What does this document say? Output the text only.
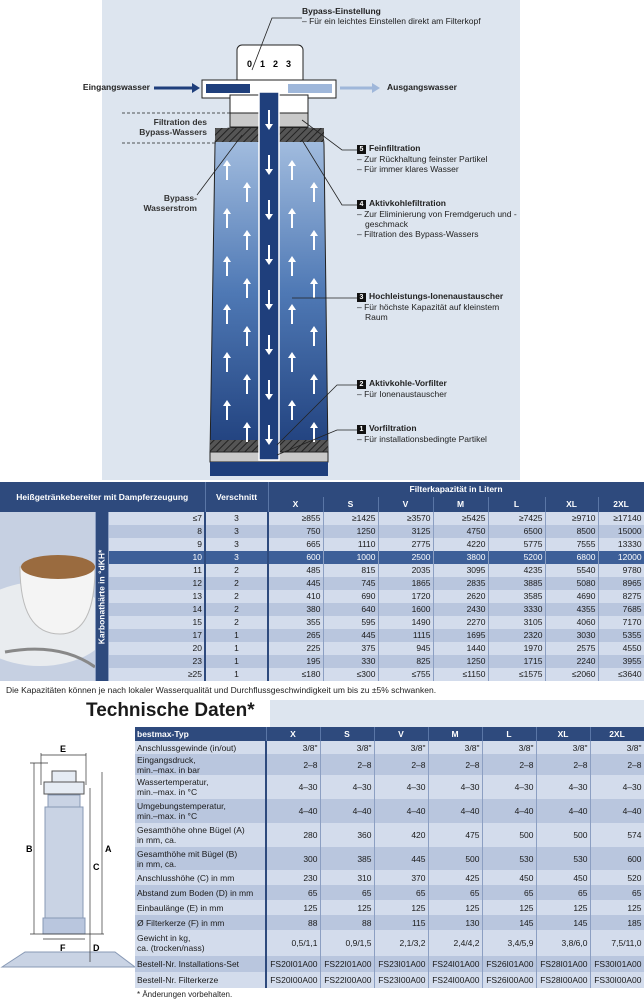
0 1 2 3
Bypass-Einstellung
– Für ein leichtes Einstellen direkt am Filterkopf
Eingangswasser	Ausgangswasser
Filtration des Bypass-Wassers
Bypass-Wasserstrom
5 Feinfiltration
– Zur Rückhaltung feinster Partikel
– Für immer klares Wasser
4 Aktivkohlefiltration
– Zur Eliminierung von Fremdgeruch und -geschmack
– Filtration des Bypass-Wassers
3 Hochleistungs-Ionenaustauscher
– Für höchste Kapazität auf kleinstem Raum
2 Aktivkohle-Vorfilter
– Für Ionenaustauscher
1 Vorfiltration
– Für installationsbedingte Partikel
Heißgetränkebereiter mit Dampferzeugung			Verschnitt	Filterkapazität in Litern						
				X	S	V	M	L	XL	2XL

Karbonathärte in °dKH*	≤7	3	≥855	≥1425	≥3570	≥5425	≥7425	≥9710	≥17140
		8	3	750	1250	3125	4750	6500	8500	15000
		9	3	665	1110	2775	4220	5775	7555	13330
		10	3	600	1000	2500	3800	5200	6800	12000
		11	2	485	815	2035	3095	4235	5540	9780
		12	2	445	745	1865	2835	3885	5080	8965
		13	2	410	690	1720	2620	3585	4690	8275
		14	2	380	640	1600	2430	3330	4355	7685
		15	2	355	595	1490	2270	3105	4060	7170
		17	1	265	445	1115	1695	2320	3030	5355
		20	1	225	375	945	1440	1970	2575	4550
		23	1	195	330	825	1250	1715	2240	3955
		≥25	1	≤180	≤300	≤755	≤1150	≤1575	≤2060	≤3640
Die Kapazitäten können je nach lokaler Wasserqualität und Durchflussgeschwindigkeit um bis zu ±5% schwanken.
Technische Daten*
E
B
C
A
F	D
bestmax-Typ	X	S	V	M	L	XL	2XL
Anschlussgewinde (in/out)	3/8"	3/8"	3/8"	3/8"	3/8"	3/8"	3/8"
Eingangsdruck,
min.–max. in bar	2–8	2–8	2–8	2–8	2–8	2–8	2–8
Wassertemperatur,
min.–max. in °C	4–30	4–30	4–30	4–30	4–30	4–30	4–30
Umgebungstemperatur,
min.–max. in °C	4–40	4–40	4–40	4–40	4–40	4–40	4–40
Gesamthöhe ohne Bügel (A)
in mm, ca.	280	360	420	475	500	500	574
Gesamthöhe mit Bügel (B)
in mm, ca.	300	385	445	500	530	530	600
Anschlusshöhe (C) in mm	230	310	370	425	450	450	520
Abstand zum Boden (D) in mm	65	65	65	65	65	65	65
Einbaulänge (E) in mm	125	125	125	125	125	125	125
Ø Filterkerze (F) in mm	88	88	115	130	145	145	185
Gewicht in kg,
ca. (trocken/nass)	0,5/1,1	0,9/1,5	2,1/3,2	2,4/4,2	3,4/5,9	3,8/6,0	7,5/11,0
Bestell-Nr. Installations-Set	FS20I01A00	FS22I01A00	FS23I01A00	FS24I01A00	FS26I01A00	FS28I01A00	FS30I01A00
Bestell-Nr. Filterkerze	FS20I00A00	FS22I00A00	FS23I00A00	FS24I00A00	FS26I00A00	FS28I00A00	FS30I00A00
* Änderungen vorbehalten.
